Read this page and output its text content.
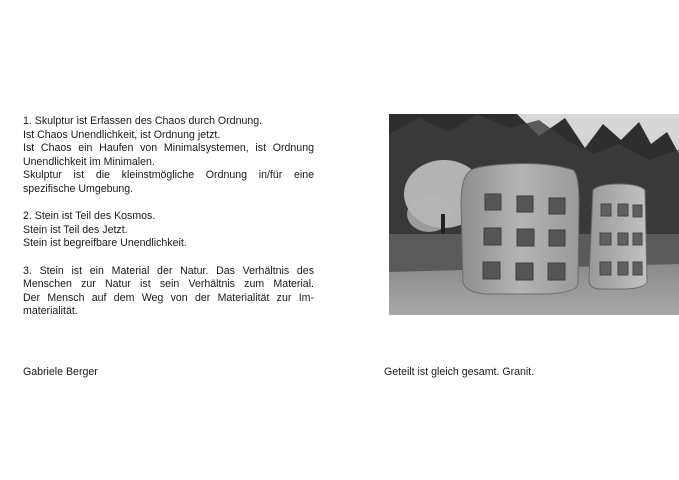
1. Skulptur ist Erfassen des Chaos durch Ordnung.
Ist Chaos Unendlichkeit, ist Ordnung jetzt.
Ist Chaos ein Haufen von Minimalsystemen, ist Ordnung
Unendlichkeit im Minimalen.
Skulptur ist die kleinstmögliche Ordnung in/für eine
spezifische Umgebung.
2. Stein ist Teil des Kosmos.
Stein ist Teil des Jetzt.
Stein ist begreifbare Unendlichkeit.
3. Stein ist ein Material der Natur. Das Verhältnis des
Menschen zur Natur ist sein Verhältnis zum Material.
Der Mensch auf dem Weg von der Materialität zur Im-
materialität.
Gabriele Berger	Geteilt ist gleich gesamt. Granit.
